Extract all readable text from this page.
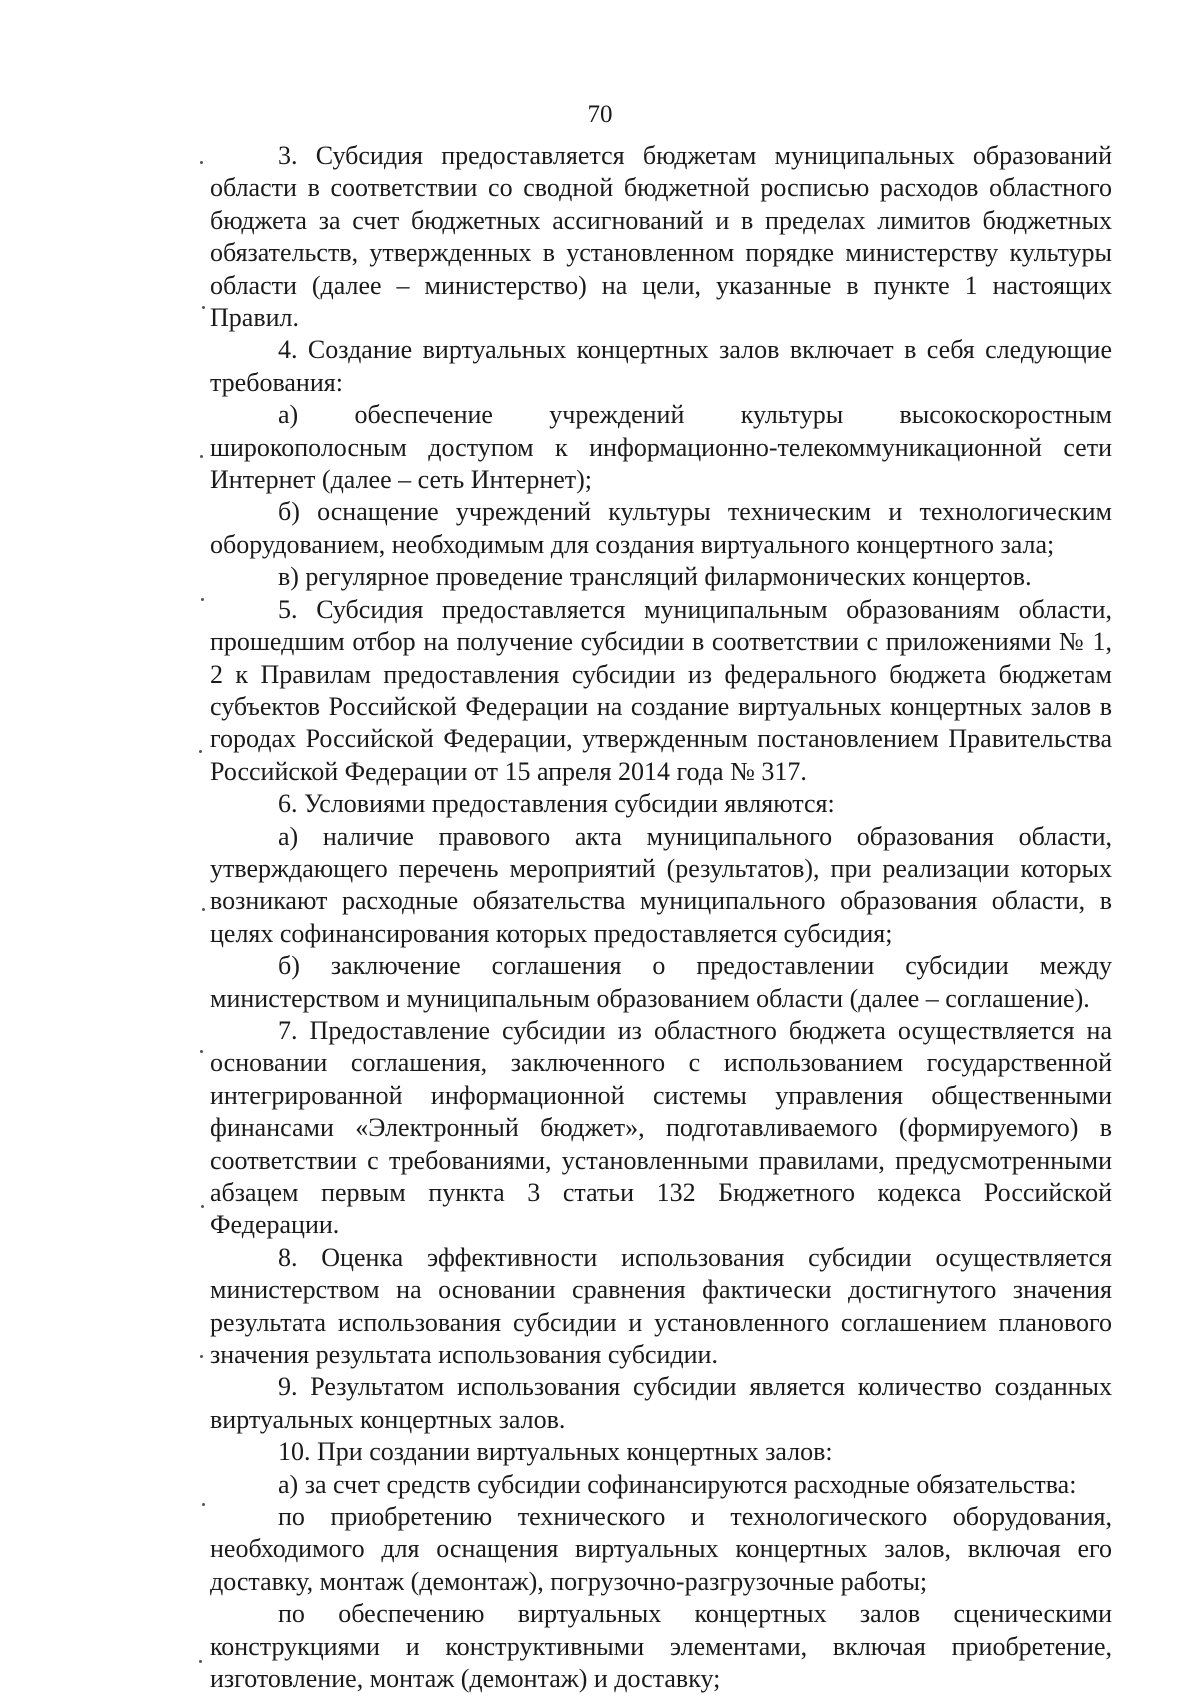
70

3. Субсидия предоставляется бюджетам муниципальных образований области в соответствии со сводной бюджетной росписью расходов областного бюджета за счет бюджетных ассигнований и в пределах лимитов бюджетных обязательств, утвержденных в установленном порядке министерству культуры области (далее – министерство) на цели, указанные в пункте 1 настоящих Правил.

4. Создание виртуальных концертных залов включает в себя следующие требования:

а) обеспечение учреждений культуры высокоскоростным широкополосным доступом к информационно-телекоммуникационной сети Интернет (далее – сеть Интернет);

б) оснащение учреждений культуры техническим и технологическим оборудованием, необходимым для создания виртуального концертного зала;

в) регулярное проведение трансляций филармонических концертов.

5. Субсидия предоставляется муниципальным образованиям области, прошедшим отбор на получение субсидии в соответствии с приложениями № 1, 2 к Правилам предоставления субсидии из федерального бюджета бюджетам субъектов Российской Федерации на создание виртуальных концертных залов в городах Российской Федерации, утвержденным постановлением Правительства Российской Федерации от 15 апреля 2014 года № 317.

6. Условиями предоставления субсидии являются:

а) наличие правового акта муниципального образования области, утверждающего перечень мероприятий (результатов), при реализации которых возникают расходные обязательства муниципального образования области, в целях софинансирования которых предоставляется субсидия;

б) заключение соглашения о предоставлении субсидии между министерством и муниципальным образованием области (далее – соглашение).

7. Предоставление субсидии из областного бюджета осуществляется на основании соглашения, заключенного с использованием государственной интегрированной информационной системы управления общественными финансами «Электронный бюджет», подготавливаемого (формируемого) в соответствии с требованиями, установленными правилами, предусмотренными абзацем первым пункта 3 статьи 132 Бюджетного кодекса Российской Федерации.

8. Оценка эффективности использования субсидии осуществляется министерством на основании сравнения фактически достигнутого значения результата использования субсидии и установленного соглашением планового значения результата использования субсидии.

9. Результатом использования субсидии является количество созданных виртуальных концертных залов.

10. При создании виртуальных концертных залов:

а) за счет средств субсидии софинансируются расходные обязательства:

по приобретению технического и технологического оборудования, необходимого для оснащения виртуальных концертных залов, включая его доставку, монтаж (демонтаж), погрузочно-разгрузочные работы;

по обеспечению виртуальных концертных залов сценическими конструкциями и конструктивными элементами, включая приобретение, изготовление, монтаж (демонтаж) и доставку;
